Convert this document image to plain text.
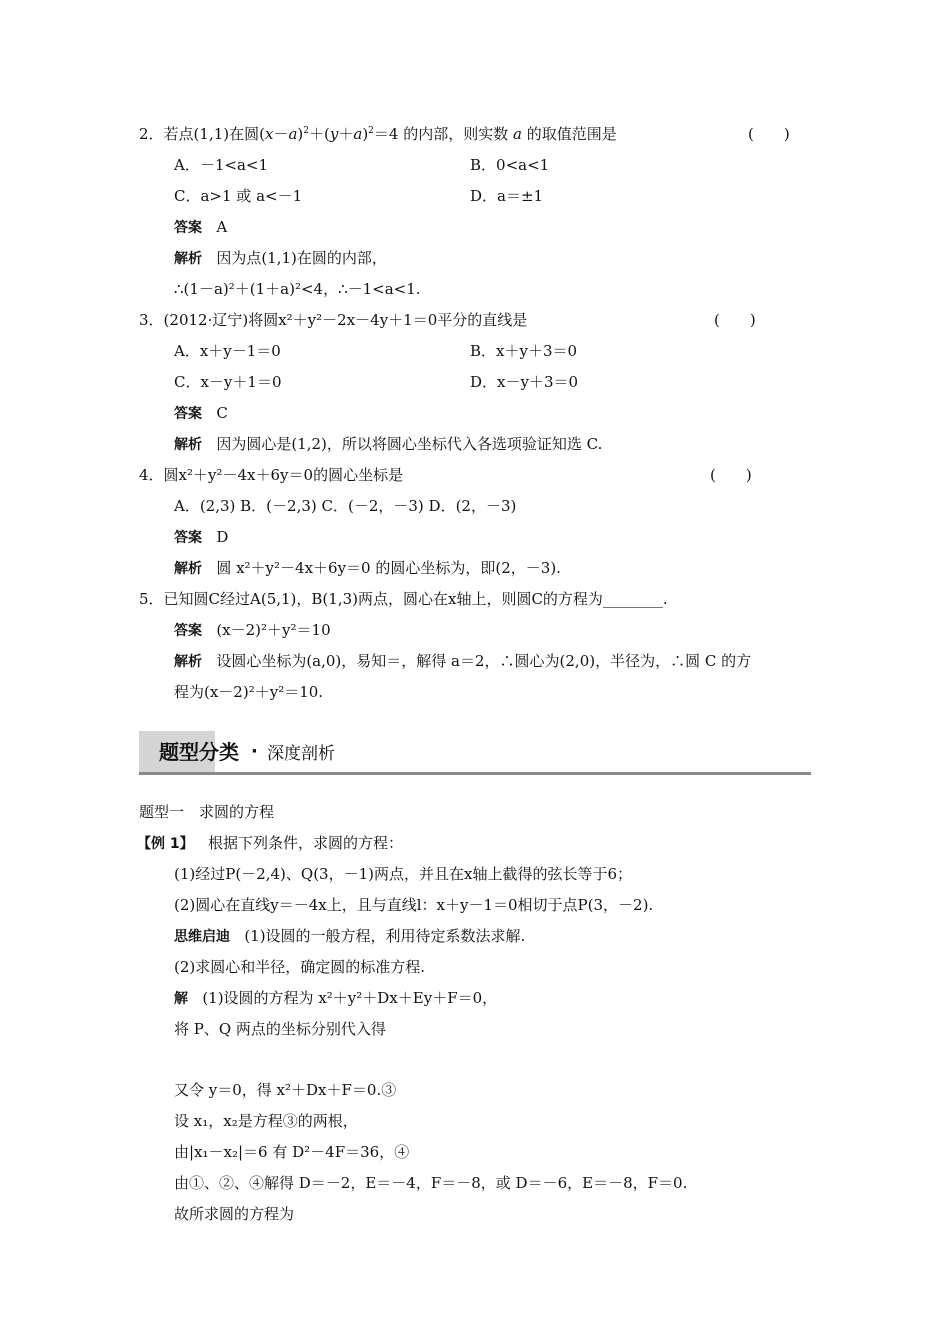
2．若点(1,1)在圆$(x-a)^2+(y+a)^2=4$ 的内部，则实数 a 的取值范围是	(　　)
A．－1<a<1	B．0<a<1
C．a>1 或 a<－1	D．a＝±1
答案 A
解析 因为点(1,1)在圆的内部，
∴(1－a)²＋(1＋a)²<4，∴－1<a<1.
3．(2012·辽宁)将圆x²＋y²－2x－4y＋1＝0平分的直线是	(　　)
A．x＋y－1＝0	B．x＋y＋3＝0
C．x－y＋1＝0	D．x－y＋3＝0
答案 C
解析 因为圆心是(1,2)，所以将圆心坐标代入各选项验证知选 C.
4．圆x²＋y²－4x＋6y＝0的圆心坐标是	(　　)
A．(2,3) B．(－2,3) C．(－2，－3) D．(2，－3)
答案 D
解析 圆 x²＋y²－4x＋6y＝0 的圆心坐标为，即(2，－3).
5．已知圆C经过A(5,1)，B(1,3)两点，圆心在x轴上，则圆C的方程为________.
答案 (x－2)²＋y²＝10
解析 设圆心坐标为(a,0)，易知＝，解得 a＝2，∴圆心为(2,0)，半径为，∴圆 C 的方
程为(x－2)²＋y²＝10.
题型分类 · 深度剖析
题型一　求圆的方程
【例 1】 根据下列条件，求圆的方程：
(1)经过P(－2,4)、Q(3，－1)两点，并且在x轴上截得的弦长等于6；
(2)圆心在直线y＝－4x上，且与直线l：x＋y－1＝0相切于点P(3，－2).
思维启迪 (1)设圆的一般方程，利用待定系数法求解.
(2)求圆心和半径，确定圆的标准方程.
解 (1)设圆的方程为 x²＋y²＋Dx＋Ey＋F＝0，
将 P、Q 两点的坐标分别代入得
又令 y＝0，得 x²＋Dx＋F＝0.③
设 x₁，x₂是方程③的两根，
由|x₁－x₂|＝6 有 D²－4F＝36，④
由①、②、④解得 D＝－2，E＝－4，F＝－8，或 D＝－6，E＝－8，F＝0.
故所求圆的方程为
